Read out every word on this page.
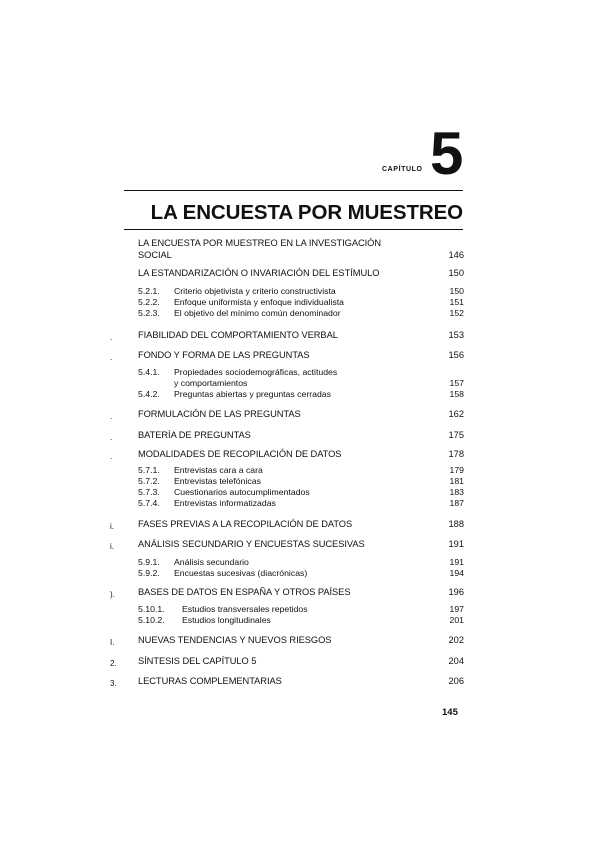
CAPÍTULO 5
LA ENCUESTA POR MUESTREO
LA ENCUESTA POR MUESTREO EN LA INVESTIGACIÓN
SOCIAL	146
LA ESTANDARIZACIÓN O INVARIACIÓN DEL ESTÍMULO	150
5.2.1. Criterio objetivista y criterio constructivista	150
5.2.2. Enfoque uniformista y enfoque individualista	151
5.2.3. El objetivo del mínimo común denominador	152
.	FIABILIDAD DEL COMPORTAMIENTO VERBAL	153
.	FONDO Y FORMA DE LAS PREGUNTAS	156
5.4.1. Propiedades sociodemográficas, actitudes
y comportamientos	157
5.4.2. Preguntas abiertas y preguntas cerradas	158
.	FORMULACIÓN DE LAS PREGUNTAS	162
.	BATERÍA DE PREGUNTAS	175
.	MODALIDADES DE RECOPILACIÓN DE DATOS	178
5.7.1. Entrevistas cara a cara	179
5.7.2. Entrevistas telefónicas	181
5.7.3. Cuestionarios autocumplimentados	183
5.7.4. Entrevistas informatizadas	187
i.	FASES PREVIAS A LA RECOPILACIÓN DE DATOS	188
i.	ANÁLISIS SECUNDARIO Y ENCUESTAS SUCESIVAS	191
5.9.1. Análisis secundario	191
5.9.2. Encuestas sucesivas (diacrónicas)	194
). BASES DE DATOS EN ESPAÑA Y OTROS PAÍSES	196
5.10.1. Estudios transversales repetidos	197
5.10.2. Estudios longitudinales	201
I.	NUEVAS TENDENCIAS Y NUEVOS RIESGOS	202
2. SÍNTESIS DEL CAPÍTULO 5	204
3. LECTURAS COMPLEMENTARIAS	206
145
